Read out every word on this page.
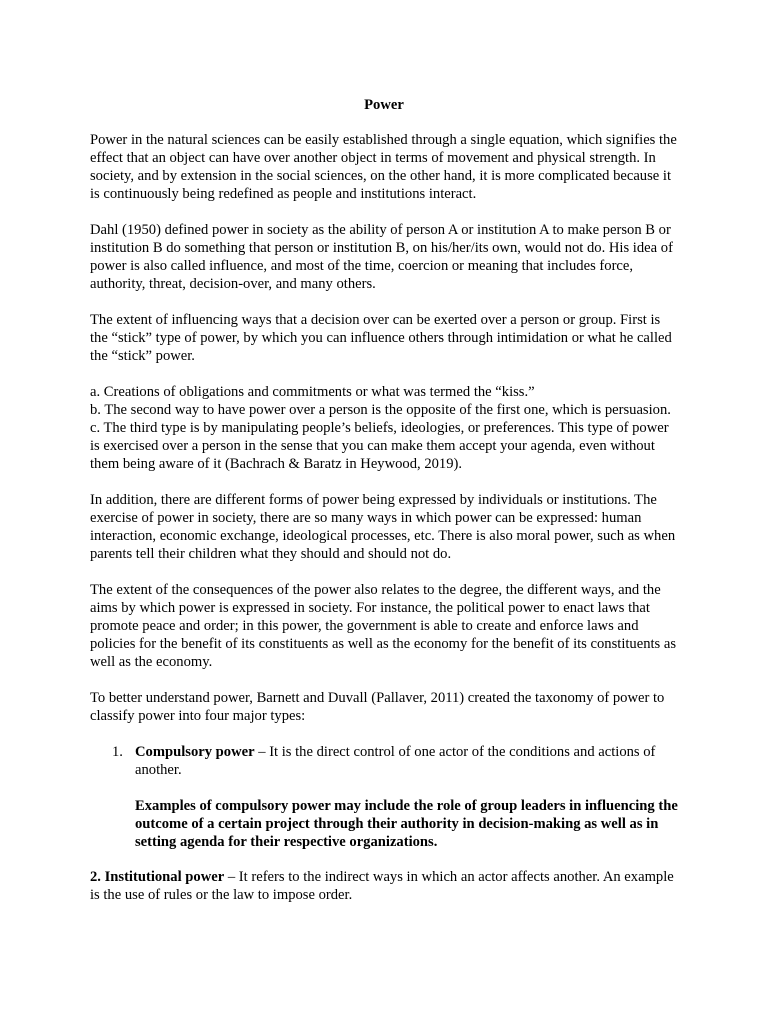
Power

Power in the natural sciences can be easily established through a single equation, which signifies the effect that an object can have over another object in terms of movement and physical strength. In society, and by extension in the social sciences, on the other hand, it is more complicated because it is continuously being redefined as people and institutions interact.

Dahl (1950) defined power in society as the ability of person A or institution A to make person B or institution B do something that person or institution B, on his/her/its own, would not do. His idea of power is also called influence, and most of the time, coercion or meaning that includes force, authority, threat, decision-over, and many others.

The extent of influencing ways that a decision over can be exerted over a person or group. First is the “stick” type of power, by which you can influence others through intimidation or what he called the “stick” power.

a. Creations of obligations and commitments or what was termed the “kiss.”
b. The second way to have power over a person is the opposite of the first one, which is persuasion.
c. The third type is by manipulating people’s beliefs, ideologies, or preferences. This type of power is exercised over a person in the sense that you can make them accept your agenda, even without them being aware of it (Bachrach & Baratz in Heywood, 2019).

In addition, there are different forms of power being expressed by individuals or institutions. The exercise of power in society, there are so many ways in which power can be expressed: human interaction, economic exchange, ideological processes, etc. There is also moral power, such as when parents tell their children what they should and should not do.

The extent of the consequences of the power also relates to the degree, the different ways, and the aims by which power is expressed in society. For instance, the political power to enact laws that promote peace and order; in this power, the government is able to create and enforce laws and policies for the benefit of its constituents as well as the economy for the benefit of its constituents as well as the economy.

To better understand power, Barnett and Duvall (Pallaver, 2011) created the taxonomy of power to classify power into four major types:

1. Compulsory power – It is the direct control of one actor of the conditions and actions of another.
Examples of compulsory power may include the role of group leaders in influencing the outcome of a certain project through their authority in decision-making as well as in setting agenda for their respective organizations.

2. Institutional power – It refers to the indirect ways in which an actor affects another. An example is the use of rules or the law to impose order.
